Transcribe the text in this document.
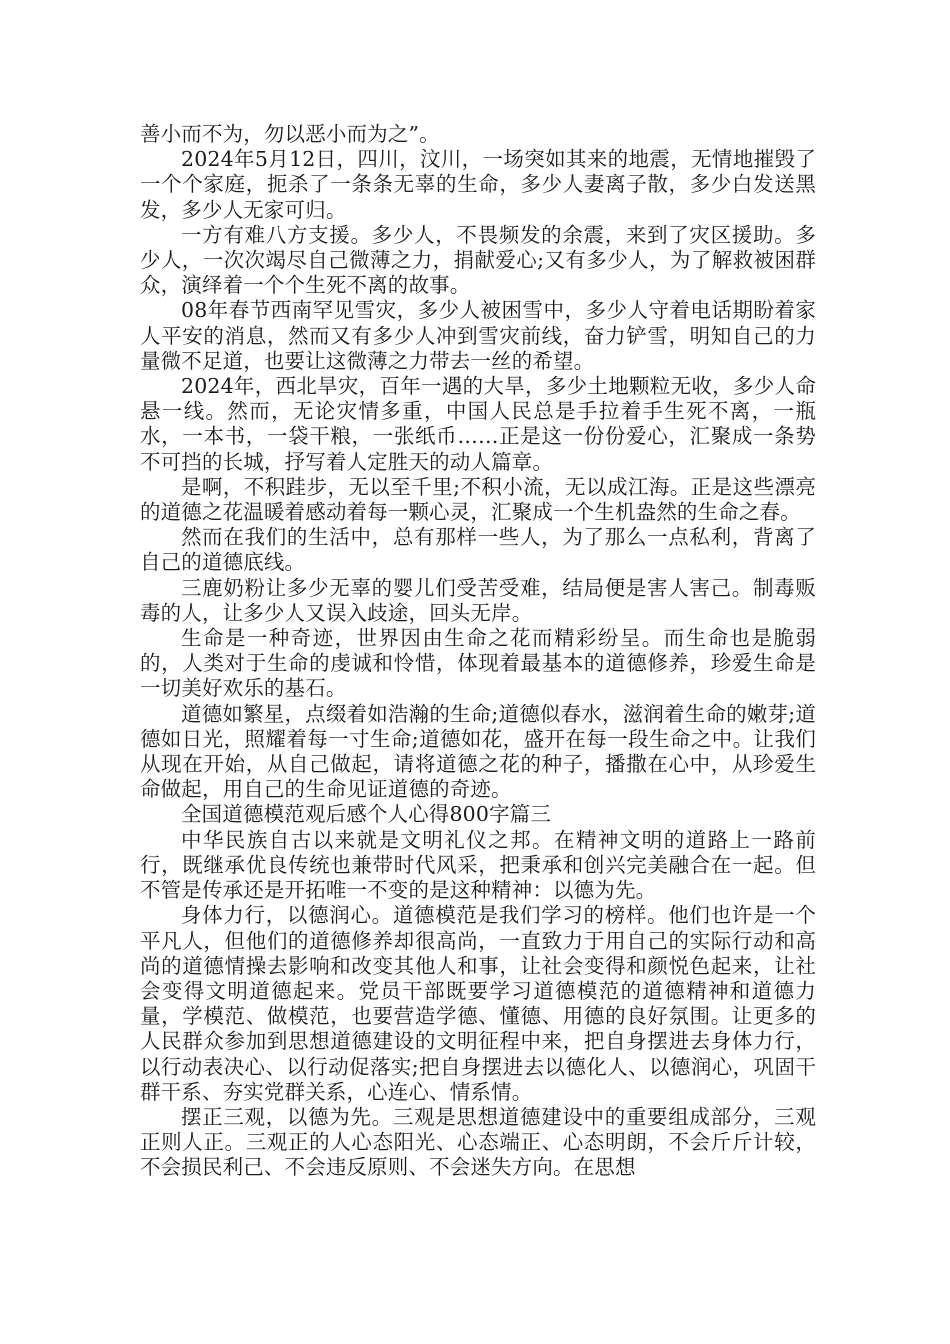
善小而不为，勿以恶小而为之”。

2024年5月12日，四川，汶川，一场突如其来的地震，无情地摧毁了一个个家庭，扼杀了一条条无辜的生命，多少人妻离子散，多少白发送黑发，多少人无家可归。

一方有难八方支援。多少人，不畏频发的余震，来到了灾区援助。多少人，一次次竭尽自己微薄之力，捐献爱心;又有多少人，为了解救被困群众，演绎着一个个生死不离的故事。

08年春节西南罕见雪灾，多少人被困雪中，多少人守着电话期盼着家人平安的消息，然而又有多少人冲到雪灾前线，奋力铲雪，明知自己的力量微不足道，也要让这微薄之力带去一丝的希望。

2024年，西北旱灾，百年一遇的大旱，多少土地颗粒无收，多少人命悬一线。然而，无论灾情多重，中国人民总是手拉着手生死不离，一瓶水，一本书，一袋干粮，一张纸币……正是这一份份爱心，汇聚成一条势不可挡的长城，抒写着人定胜天的动人篇章。

是啊，不积跬步，无以至千里;不积小流，无以成江海。正是这些漂亮的道德之花温暖着感动着每一颗心灵，汇聚成一个生机盎然的生命之春。

然而在我们的生活中，总有那样一些人，为了那么一点私利，背离了自己的道德底线。

三鹿奶粉让多少无辜的婴儿们受苦受难，结局便是害人害己。制毒贩毒的人，让多少人又误入歧途，回头无岸。

生命是一种奇迹，世界因由生命之花而精彩纷呈。而生命也是脆弱的，人类对于生命的虔诚和怜惜，体现着最基本的道德修养，珍爱生命是一切美好欢乐的基石。

道德如繁星，点缀着如浩瀚的生命;道德似春水，滋润着生命的嫩芽;道德如日光，照耀着每一寸生命;道德如花，盛开在每一段生命之中。让我们从现在开始，从自己做起，请将道德之花的种子，播撒在心中，从珍爱生命做起，用自己的生命见证道德的奇迹。

全国道德模范观后感个人心得800字篇三

中华民族自古以来就是文明礼仪之邦。在精神文明的道路上一路前行，既继承优良传统也兼带时代风采，把秉承和创兴完美融合在一起。但不管是传承还是开拓唯一不变的是这种精神：以德为先。

身体力行，以德润心。道德模范是我们学习的榜样。他们也许是一个平凡人，但他们的道德修养却很高尚，一直致力于用自己的实际行动和高尚的道德情操去影响和改变其他人和事，让社会变得和颜悦色起来，让社会变得文明道德起来。党员干部既要学习道德模范的道德精神和道德力量，学模范、做模范，也要营造学德、懂德、用德的良好氛围。让更多的人民群众参加到思想道德建设的文明征程中来，把自身摆进去身体力行，以行动表决心、以行动促落实;把自身摆进去以德化人、以德润心，巩固干群干系、夯实党群关系，心连心、情系情。

摆正三观，以德为先。三观是思想道德建设中的重要组成部分，三观正则人正。三观正的人心态阳光、心态端正、心态明朗，不会斤斤计较，不会损民利己、不会违反原则、不会迷失方向。在思想
